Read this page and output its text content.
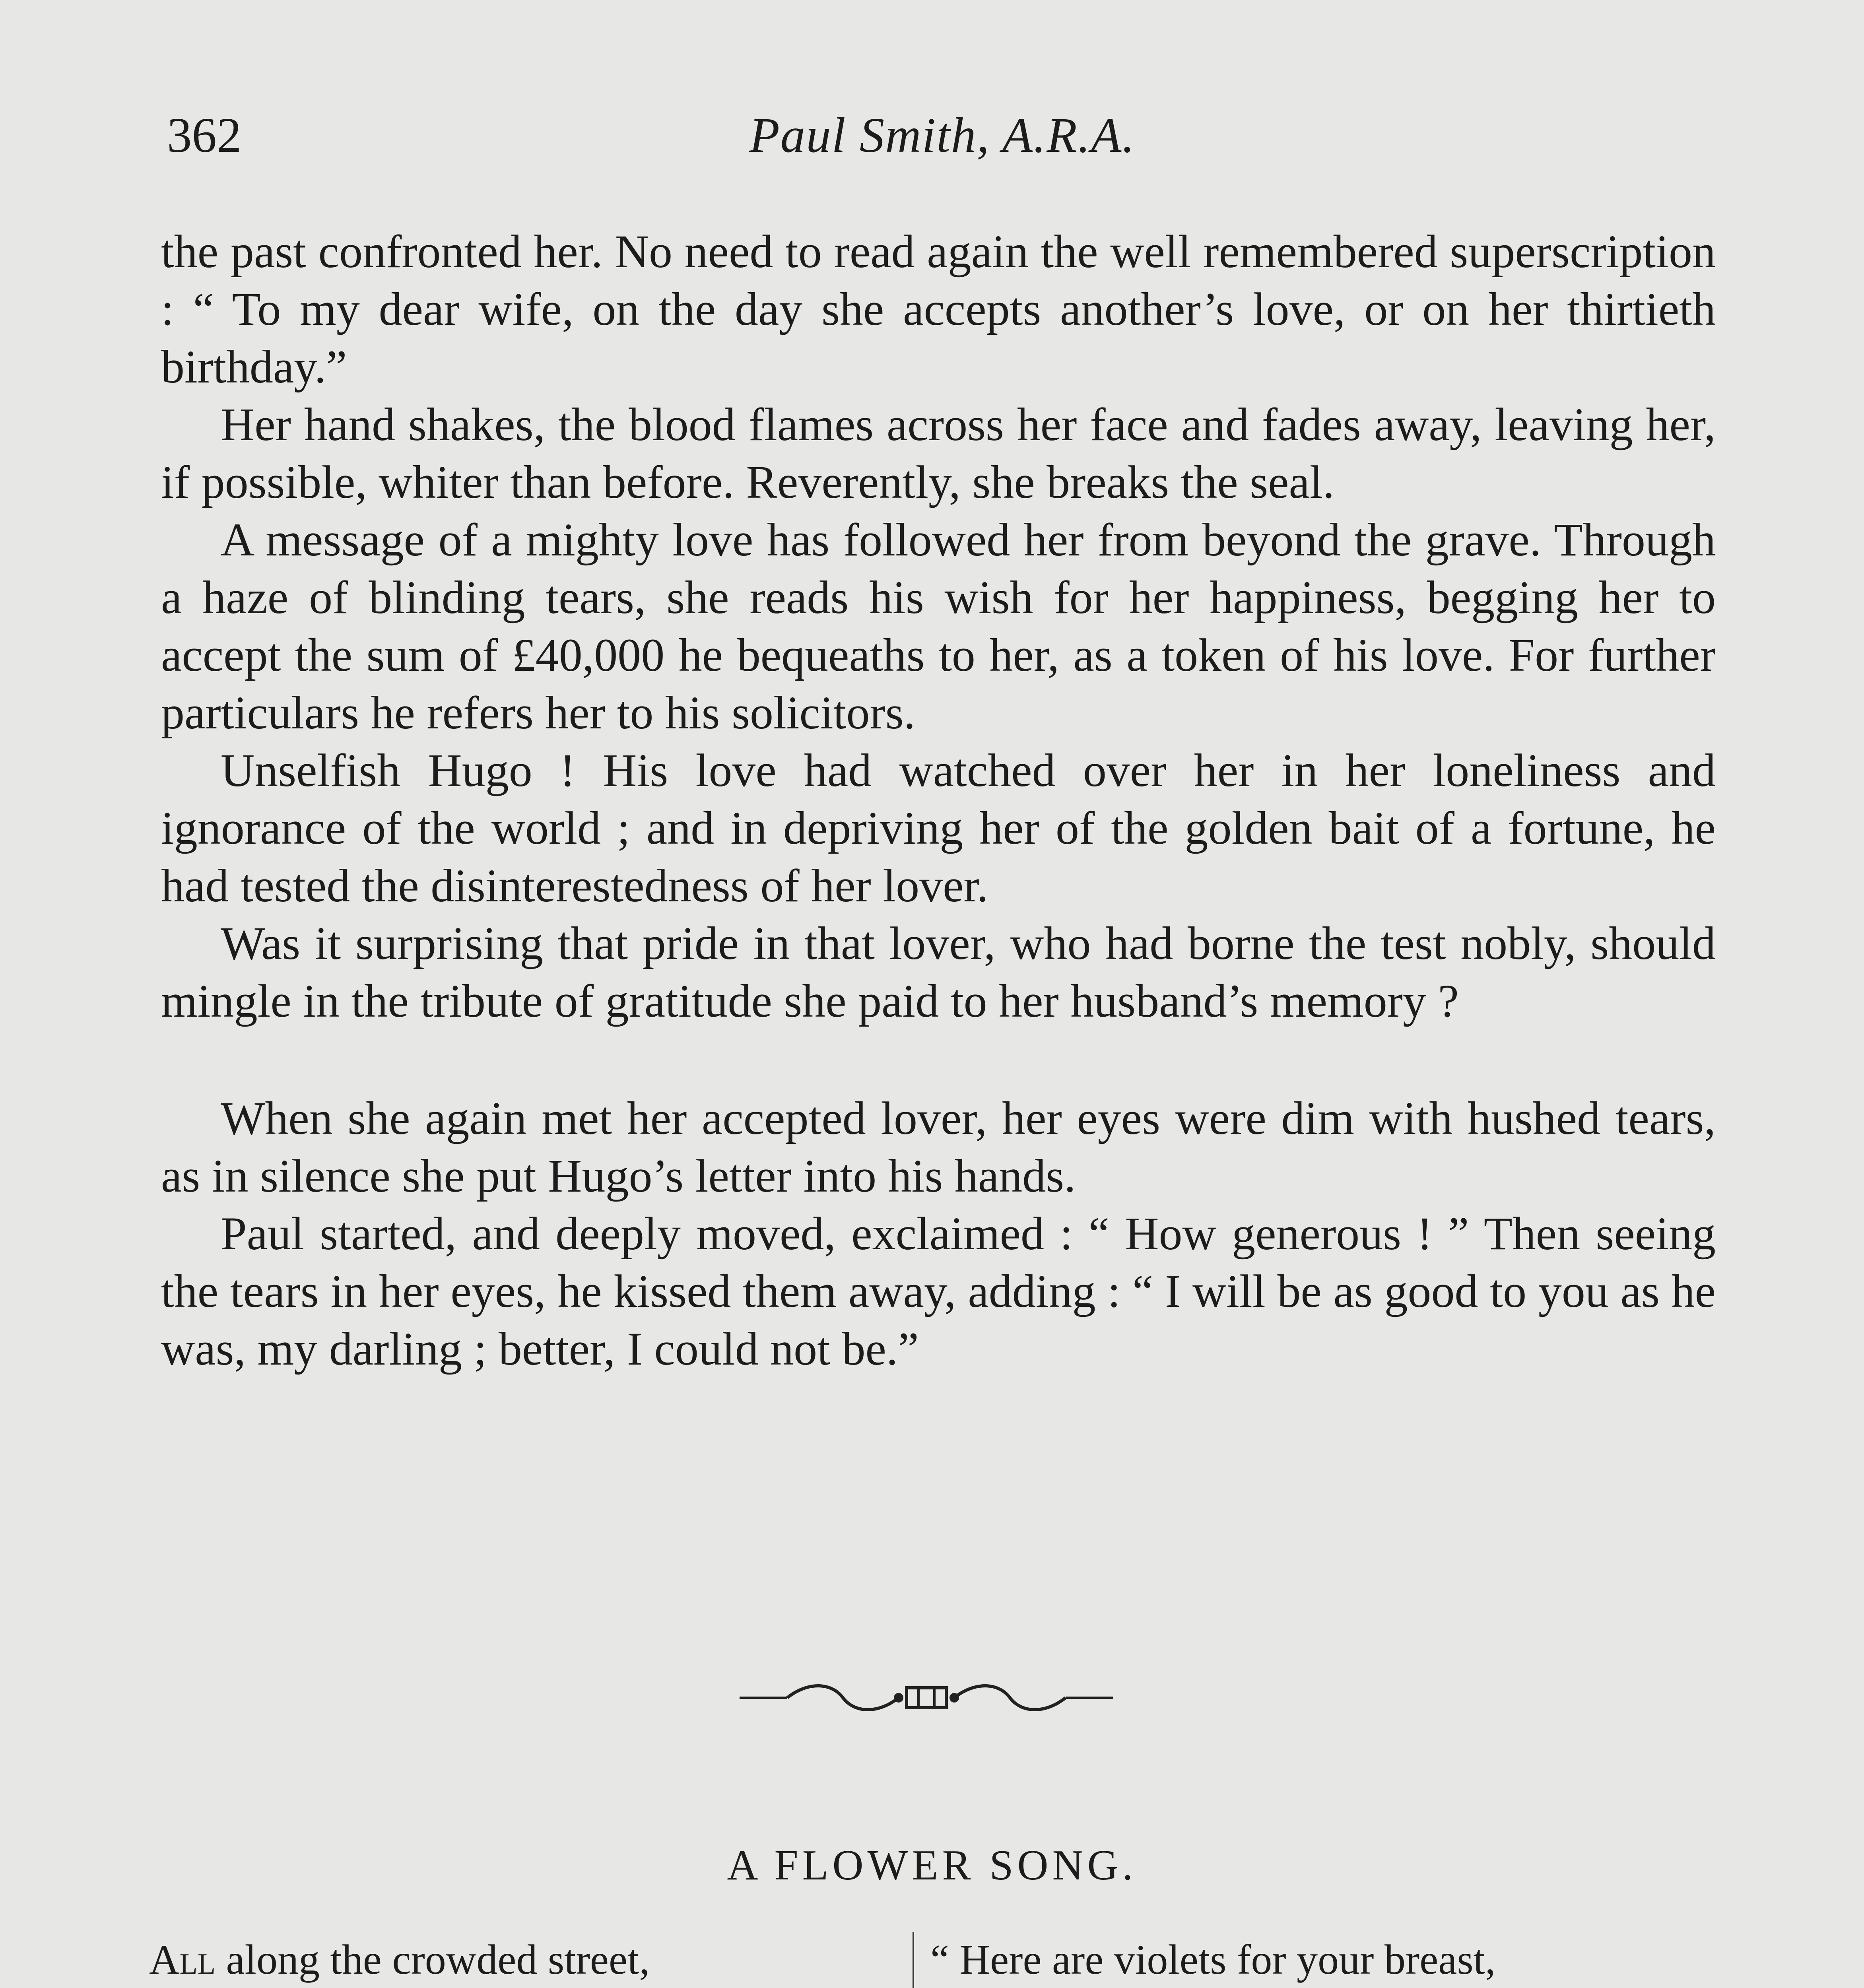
362	Paul Smith, A.R.A.

the past confronted her. No need to read again the well remembered superscription : “ To my dear wife, on the day she accepts another’s love, or on her thirtieth birthday.”

Her hand shakes, the blood flames across her face and fades away, leaving her, if possible, whiter than before. Reverently, she breaks the seal.

A message of a mighty love has followed her from beyond the grave. Through a haze of blinding tears, she reads his wish for her happiness, begging her to accept the sum of £40,000 he bequeaths to her, as a token of his love. For further particulars he refers her to his solicitors.

Unselfish Hugo ! His love had watched over her in her loneliness and ignorance of the world ; and in depriving her of the golden bait of a fortune, he had tested the disinterestedness of her lover.

Was it surprising that pride in that lover, who had borne the test nobly, should mingle in the tribute of gratitude she paid to her husband’s memory ?

When she again met her accepted lover, her eyes were dim with hushed tears, as in silence she put Hugo’s letter into his hands.

Paul started, and deeply moved, exclaimed : “ How generous ! ” Then seeing the tears in her eyes, he kissed them away, adding : “ I will be as good to you as he was, my darling ; better, I could not be.”

A FLOWER SONG.
All along the crowded street,	“ Here are violets for your breast,
